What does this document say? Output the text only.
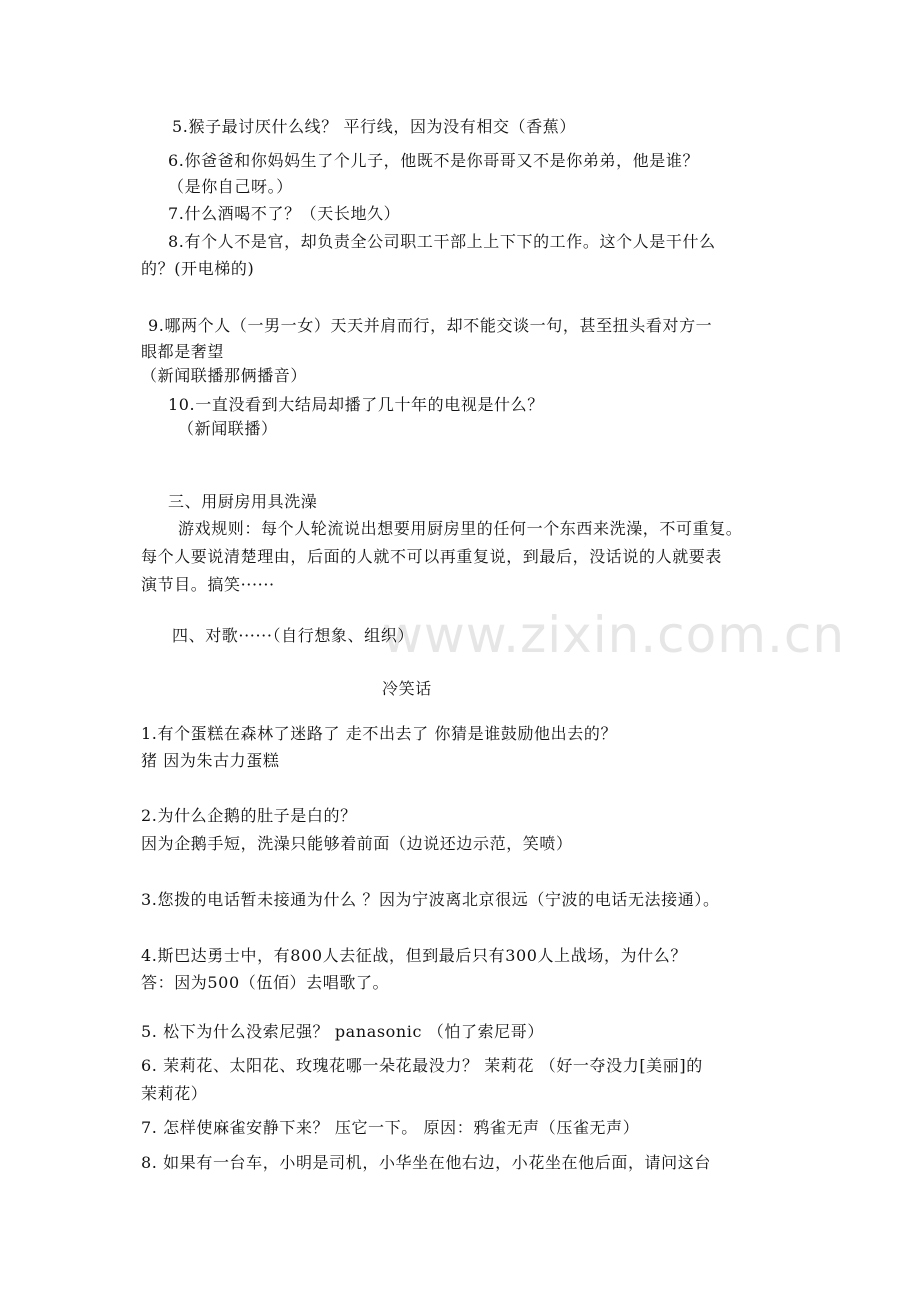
www.zixin.com.cn
5.猴子最讨厌什么线？ 平行线，因为没有相交（香蕉）
6.你爸爸和你妈妈生了个儿子，他既不是你哥哥又不是你弟弟，他是谁？
（是你自己呀。）
7.什么酒喝不了？（天长地久）
8.有个人不是官，却负责全公司职工干部上上下下的工作。这个人是干什么
的？(开电梯的)
9.哪两个人（一男一女）天天并肩而行，却不能交谈一句，甚至扭头看对方一
眼都是奢望
（新闻联播那俩播音）
10.一直没看到大结局却播了几十年的电视是什么？
（新闻联播）
三、用厨房用具洗澡
游戏规则：每个人轮流说出想要用厨房里的任何一个东西来洗澡，不可重复。
每个人要说清楚理由，后面的人就不可以再重复说，到最后，没话说的人就要表
演节目。搞笑······
四、对歌······（自行想象、组织）
冷笑话
1.有个蛋糕在森林了迷路了 走不出去了 你猜是谁鼓励他出去的？
猪 因为朱古力蛋糕
2.为什么企鹅的肚子是白的？
因为企鹅手短，洗澡只能够着前面（边说还边示范，笑喷）
3.您拨的电话暂未接通为什么 ？因为宁波离北京很远（宁波的电话无法接通）。
4.斯巴达勇士中，有800人去征战，但到最后只有300人上战场，为什么？
答：因为500（伍佰）去唱歌了。
5. 松下为什么没索尼强？ panasonic （怕了索尼哥）
6. 茉莉花、太阳花、玫瑰花哪一朵花最没力？ 茉莉花 （好一夺没力[美丽]的
茉莉花）
7. 怎样使麻雀安静下来？ 压它一下。 原因：鸦雀无声（压雀无声）
8. 如果有一台车，小明是司机，小华坐在他右边，小花坐在他后面，请问这台
